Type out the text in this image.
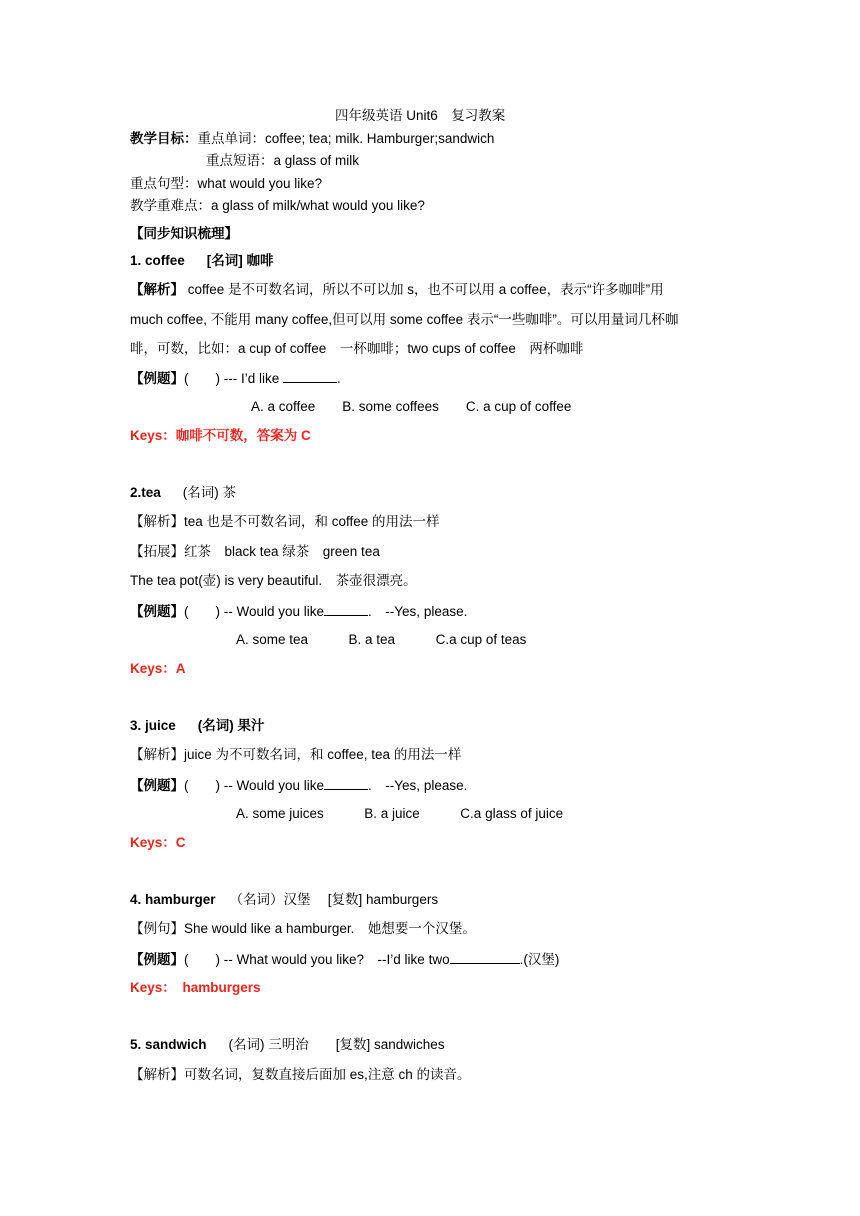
四年级英语 Unit6　复习教案
教学目标：重点单词：coffee; tea; milk. Hamburger;sandwich
重点短语：a glass of milk
重点句型：what would you like?
教学重难点：a glass of milk/what would you like?
【同步知识梳理】
1. coffee [名词] 咖啡
【解析】 coffee 是不可数名词，所以不可以加 s，也不可以用 a coffee，表示“许多咖啡”用
much coffee, 不能用 many coffee,但可以用 some coffee 表示“一些咖啡”。可以用量词几杯咖
啡，可数，比如：a cup of coffee　一杯咖啡；two cups of coffee　两杯咖啡
【例题】(　　) --- I’d like	.
A. a coffee　　B. some coffees　　C. a cup of coffee
Keys：咖啡不可数，答案为 C
2.tea (名词) 茶
【解析】tea 也是不可数名词，和 coffee 的用法一样
【拓展】红茶　black tea 绿茶　green tea
The tea pot(壶) is very beautiful.　茶壶很漂亮。
【例题】(　　) -- Would you like	.　--Yes, please.
A. some tea　　　B. a tea　　　C.a cup of teas
Keys：A
3. juice (名词) 果汁
【解析】juice 为不可数名词，和 coffee, tea 的用法一样
【例题】(　　) -- Would you like	.　--Yes, please.
A. some juices　　　B. a juice　　　C.a glass of juice
Keys：C
4. hamburger （名词）汉堡　 [复数] hamburgers
【例句】She would like a hamburger.　她想要一个汉堡。
【例题】(　　) -- What would you like?　--I’d like two	.(汉堡)
Keys：　hamburgers
5. sandwich (名词) 三明治　　[复数] sandwiches
【解析】可数名词，复数直接后面加 es,注意 ch 的读音。
